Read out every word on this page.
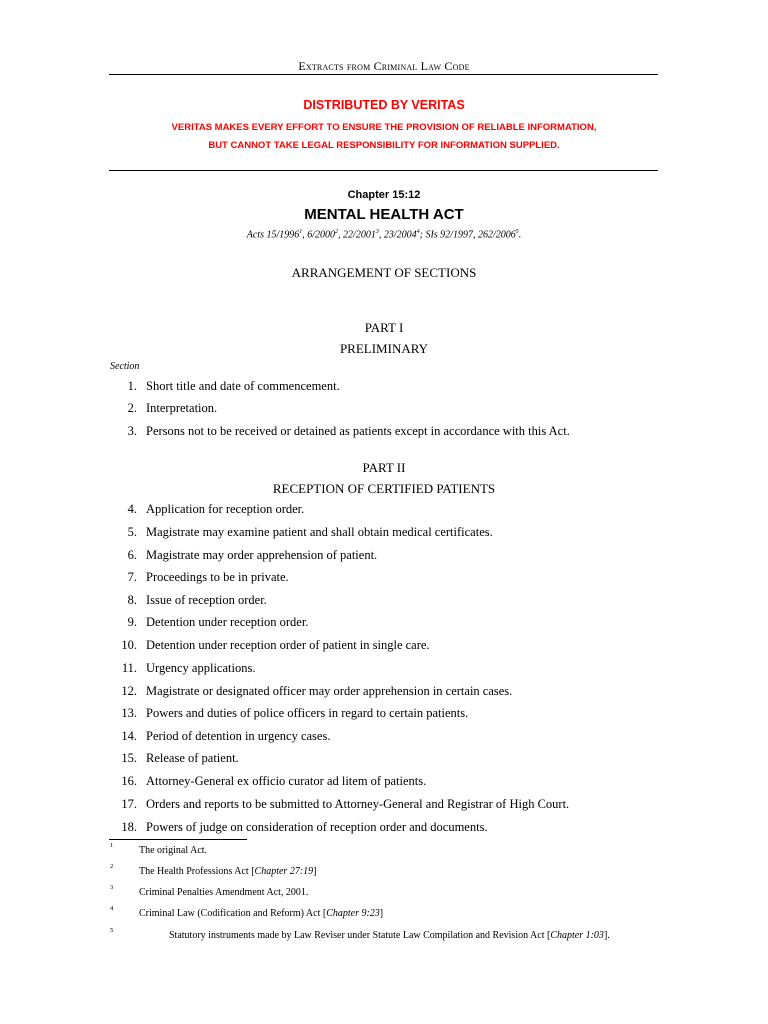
Extracts from Criminal Law Code
DISTRIBUTED BY VERITAS
VERITAS MAKES EVERY EFFORT TO ENSURE THE PROVISION OF RELIABLE INFORMATION,
BUT CANNOT TAKE LEGAL RESPONSIBILITY FOR INFORMATION SUPPLIED.
Chapter 15:12
MENTAL HEALTH ACT
Acts 15/1996$^1$, 6/2000$^2$, 22/2001$^3$, 23/2004$^4$; SIs 92/1997, 262/2006$^5$.
ARRANGEMENT OF SECTIONS
PART I
PRELIMINARY
Section
1. Short title and date of commencement.
2. Interpretation.
3. Persons not to be received or detained as patients except in accordance with this Act.
PART II
RECEPTION OF CERTIFIED PATIENTS
4. Application for reception order.
5. Magistrate may examine patient and shall obtain medical certificates.
6. Magistrate may order apprehension of patient.
7. Proceedings to be in private.
8. Issue of reception order.
9. Detention under reception order.
10. Detention under reception order of patient in single care.
11. Urgency applications.
12. Magistrate or designated officer may order apprehension in certain cases.
13. Powers and duties of police officers in regard to certain patients.
14. Period of detention in urgency cases.
15. Release of patient.
16. Attorney-General ex officio curator ad litem of patients.
17. Orders and reports to be submitted to Attorney-General and Registrar of High Court.
18. Powers of judge on consideration of reception order and documents.
1	The original Act.
2	The Health Professions Act [Chapter 27:19]
3	Criminal Penalties Amendment Act, 2001.
4	Criminal Law (Codification and Reform) Act [Chapter 9:23]
5	Statutory instruments made by Law Reviser under Statute Law Compilation and Revision Act [Chapter 1:03].
